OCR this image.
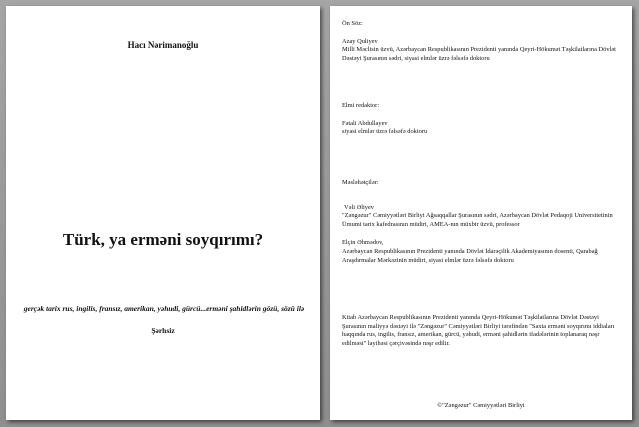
Hacı Nərimanoğlu
Türk, ya erməni soyqırımı?
gerçək tarix rus, ingilis, fransız, amerikan, yəhudi, gürcü...erməni şahidlərin gözü, sözü ilə
Şərhsiz
Ön Söz:
Azay Quliyev
Milli Məclisin üzvü, Azərbaycan Respublikasının Prezidenti yanında Qeyri-Hökumət Təşkilatlarına Dövlət Dəstəyi Şurasının sədri, siyasi elmlər üzrə fəlsəfə doktoru
Elmi redaktor:
Fətali Abdullayev
siyasi elmlər üzrə fəlsəfə doktoru
Məsləhətçilər:
Vəli Əliyev
"Zəngəzur" Cəmiyyətləri Birliyi Ağsaqqallar Şurasının sədri, Azərbaycan Dövlət Pedaqoji Universitetinin Ümumi tarix kafedrasının müdiri, AMEA-nın müxbir üzvü, professor
Elçin Əhmədov,
Azərbaycan Respublikasının Prezidenti yanında Dövlət İdarəçilik Akademiyasının dosenti, Qarabağ Araşdırmalar Mərkəzinin müdiri, siyasi elmlər üzrə fəlsəfə doktoru
Kitab Azərbaycan Respublikasının Prezidenti yanında Qeyri-Hökumət Təşkilatlarına Dövlət Dəstəyi Şurasının maliyyə dəstəyi ilə "Zəngəzur" Cəmiyyətləri Birliyi tərəfindən "Saxta erməni soyqırımı iddiaları haqqında rus, ingilis, fransız, amerikan, gürcü, yəhudi, erməni şahidlərin ifadələrinin toplanaraq nəşr edilməsi" layihəsi çərçivəsində nəşr edilir.
©"Zəngəzur" Cəmiyyətləri Birliyi
